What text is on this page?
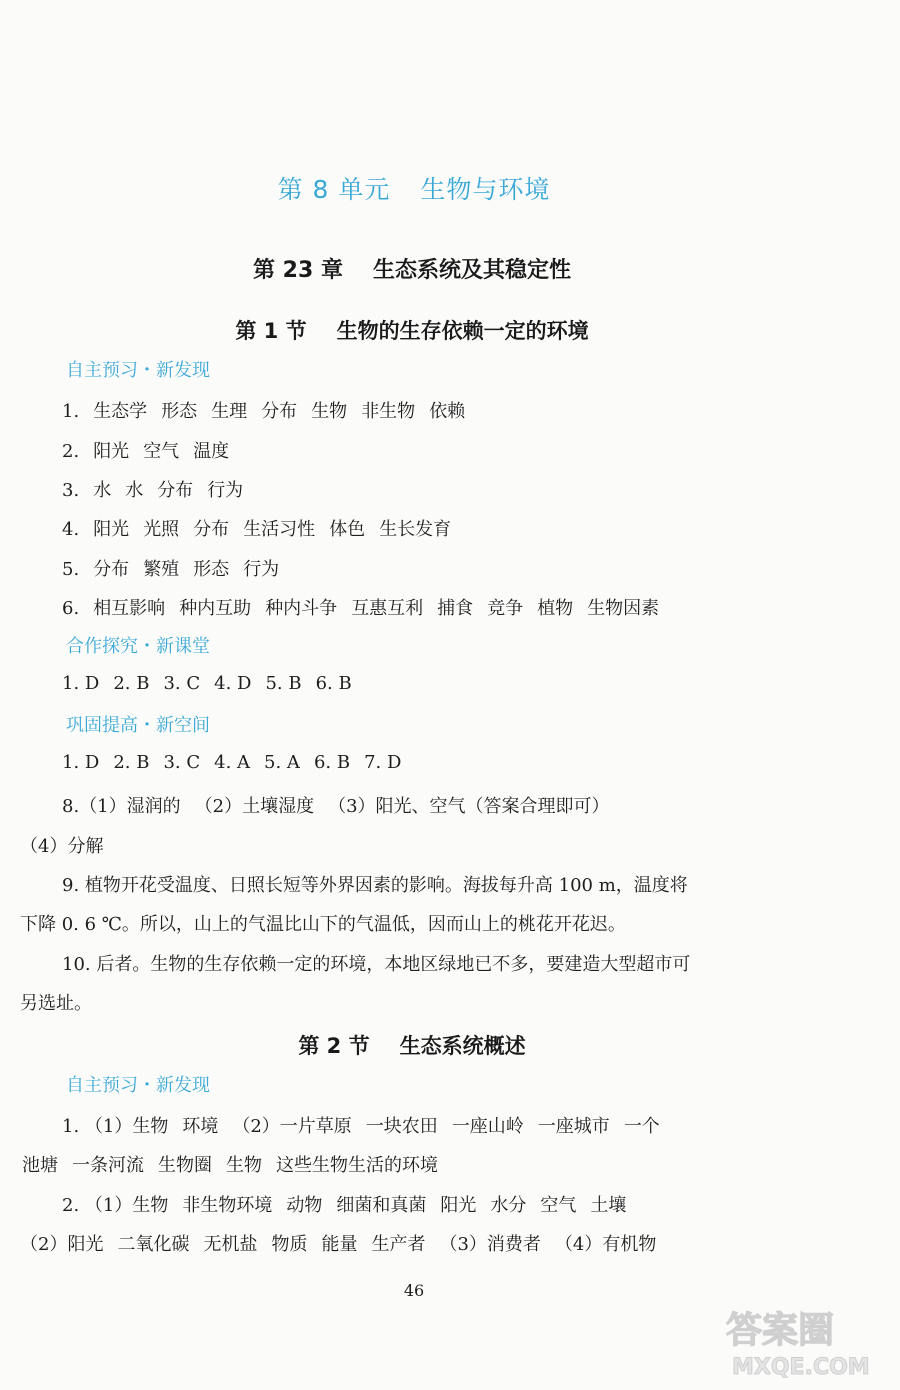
第 8 单元 生物与环境
第 23 章 生态系统及其稳定性
第 1 节 生物的生存依赖一定的环境
自主预习・新发现
1. 生态学 形态 生理 分布 生物 非生物 依赖
2. 阳光 空气 温度
3. 水 水 分布 行为
4. 阳光 光照 分布 生活习性 体色 生长发育
5. 分布 繁殖 形态 行为
6. 相互影响 种内互助 种内斗争 互惠互利 捕食 竞争 植物 生物因素
合作探究・新课堂
1. D 2. B 3. C 4. D 5. B 6. B
巩固提高・新空间
1. D 2. B 3. C 4. A 5. A 6. B 7. D
8.（1）湿润的 （2）土壤湿度 （3）阳光、空气（答案合理即可）
（4）分解
9. 植物开花受温度、日照长短等外界因素的影响。海拔每升高 100 m，温度将
下降 0. 6 ℃。所以，山上的气温比山下的气温低，因而山上的桃花开花迟。
10. 后者。生物的生存依赖一定的环境，本地区绿地已不多，要建造大型超市可
另选址。
第 2 节 生态系统概述
自主预习・新发现
1. （1）生物 环境 （2）一片草原 一块农田 一座山岭 一座城市 一个
池塘 一条河流 生物圈 生物 这些生物生活的环境
2. （1）生物 非生物环境 动物 细菌和真菌 阳光 水分 空气 土壤
（2）阳光 二氧化碳 无机盐 物质 能量 生产者 （3）消费者 （4）有机物
46
答案圈
MXQE.COM
